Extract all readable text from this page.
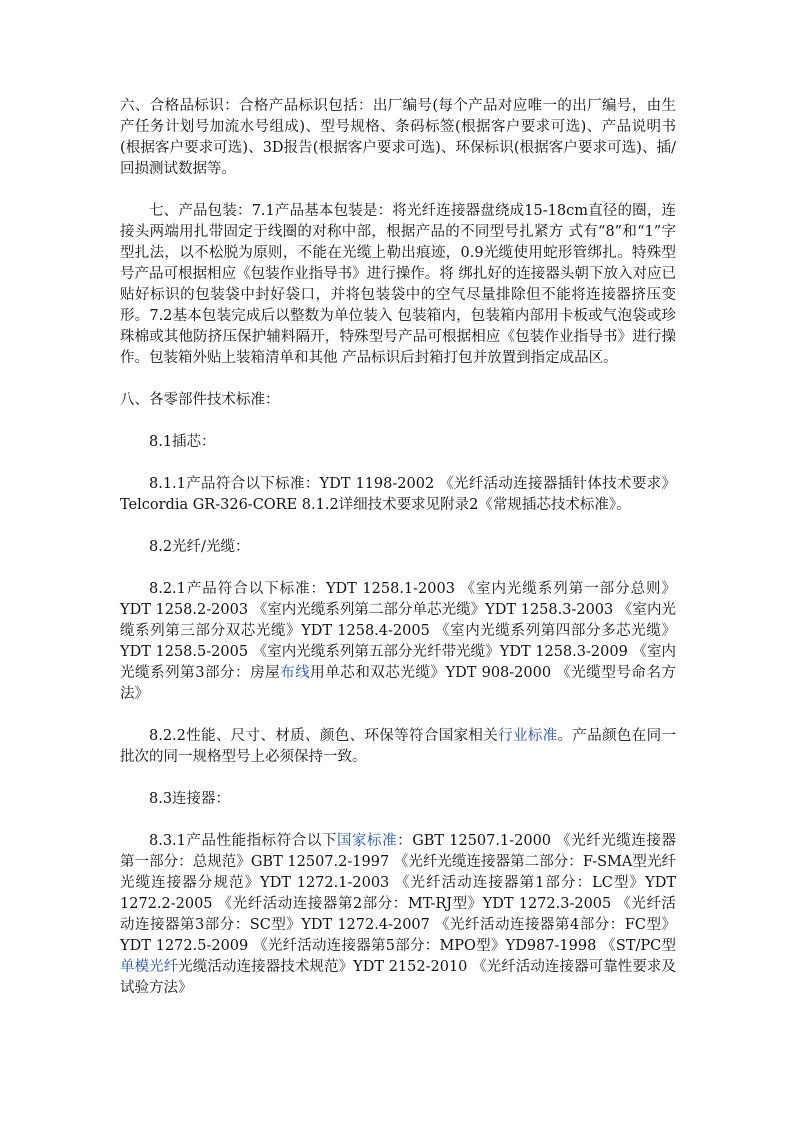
六、合格品标识：合格产品标识包括：出厂编号(每个产品对应唯一的出厂编号，由生产任务计划号加流水号组成)、型号规格、条码标签(根据客户要求可选)、产品说明书(根据客户要求可选)、3D报告(根据客户要求可选)、环保标识(根据客户要求可选)、插/回损测试数据等。

七、产品包装：7.1产品基本包装是：将光纤连接器盘绕成15-18cm直径的圈，连接头两端用扎带固定于线圈的对称中部，根据产品的不同型号扎紧方 式有“8”和“1”字型扎法，以不松脱为原则，不能在光缆上勒出痕迹，0.9光缆使用蛇形管绑扎。特殊型号产品可根据相应《包装作业指导书》进行操作。将 绑扎好的连接器头朝下放入对应已贴好标识的包装袋中封好袋口，并将包装袋中的空气尽量排除但不能将连接器挤压变形。7.2基本包装完成后以整数为单位装入 包装箱内，包装箱内部用卡板或气泡袋或珍珠棉或其他防挤压保护辅料隔开，特殊型号产品可根据相应《包装作业指导书》进行操作。包装箱外贴上装箱清单和其他 产品标识后封箱打包并放置到指定成品区。

八、各零部件技术标准：

8.1插芯：

8.1.1产品符合以下标准：YDT 1198-2002 《光纤活动连接器插针体技术要求》Telcordia GR-326-CORE 8.1.2详细技术要求见附录2《常规插芯技术标准》。

8.2光纤/光缆：

8.2.1产品符合以下标准：YDT 1258.1-2003 《室内光缆系列第一部分总则》YDT 1258.2-2003 《室内光缆系列第二部分单芯光缆》YDT 1258.3-2003 《室内光缆系列第三部分双芯光缆》YDT 1258.4-2005 《室内光缆系列第四部分多芯光缆》YDT 1258.5-2005 《室内光缆系列第五部分光纤带光缆》YDT 1258.3-2009 《室内光缆系列第3部分：房屋布线用单芯和双芯光缆》YDT 908-2000 《光缆型号命名方法》

8.2.2性能、尺寸、材质、颜色、环保等符合国家相关行业标准。产品颜色在同一批次的同一规格型号上必须保持一致。

8.3连接器：

8.3.1产品性能指标符合以下国家标准：GBT 12507.1-2000 《光纤光缆连接器第一部分：总规范》GBT 12507.2-1997 《光纤光缆连接器第二部分：F-SMA型光纤光缆连接器分规范》YDT 1272.1-2003 《光纤活动连接器第1部分：LC型》YDT 1272.2-2005 《光纤活动连接器第2部分：MT-RJ型》YDT 1272.3-2005 《光纤活动连接器第3部分：SC型》YDT 1272.4-2007 《光纤活动连接器第4部分：FC型》YDT 1272.5-2009 《光纤活动连接器第5部分：MPO型》YD987-1998 《ST/PC型单模光纤光缆活动连接器技术规范》YDT 2152-2010 《光纤活动连接器可靠性要求及试验方法》
